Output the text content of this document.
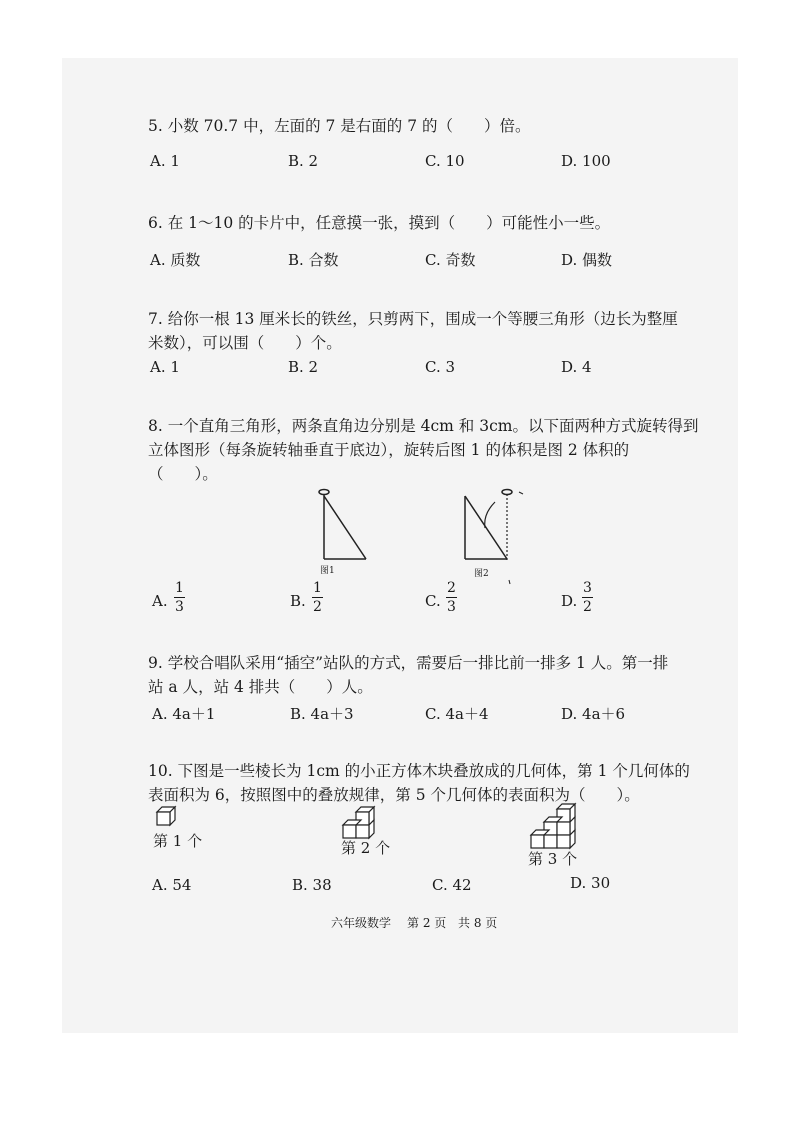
5. 小数 70.7 中，左面的 7 是右面的 7 的（　　）倍。
A. 1	B. 2	C. 10	D. 100
6. 在 1～10 的卡片中，任意摸一张，摸到（　　）可能性小一些。
A. 质数	B. 合数	C. 奇数	D. 偶数
7. 给你一根 13 厘米长的铁丝，只剪两下，围成一个等腰三角形（边长为整厘
米数），可以围（　　）个。
A. 1	B. 2	C. 3	D. 4
8. 一个直角三角形，两条直角边分别是 4cm 和 3cm。以下面两种方式旋转得到
立体图形（每条旋转轴垂直于底边），旋转后图 1 的体积是图 2 体积的
（　　）。
图1	图2
A.
1
3	B.
1
2	C.
2
3	D.
3
2
9. 学校合唱队采用“插空”站队的方式，需要后一排比前一排多 1 人。第一排
站 a 人，站 4 排共（　　）人。
A. 4a＋1	B. 4a＋3	C. 4a＋4	D. 4a＋6
10. 下图是一些棱长为 1cm 的小正方体木块叠放成的几何体，第 1 个几何体的
表面积为 6，按照图中的叠放规律，第 5 个几何体的表面积为（　　）。
第 1 个	第 2 个
第 3 个
A. 54	B. 38	C. 42	D. 30
六年级数学 第 2 页 共 8 页
